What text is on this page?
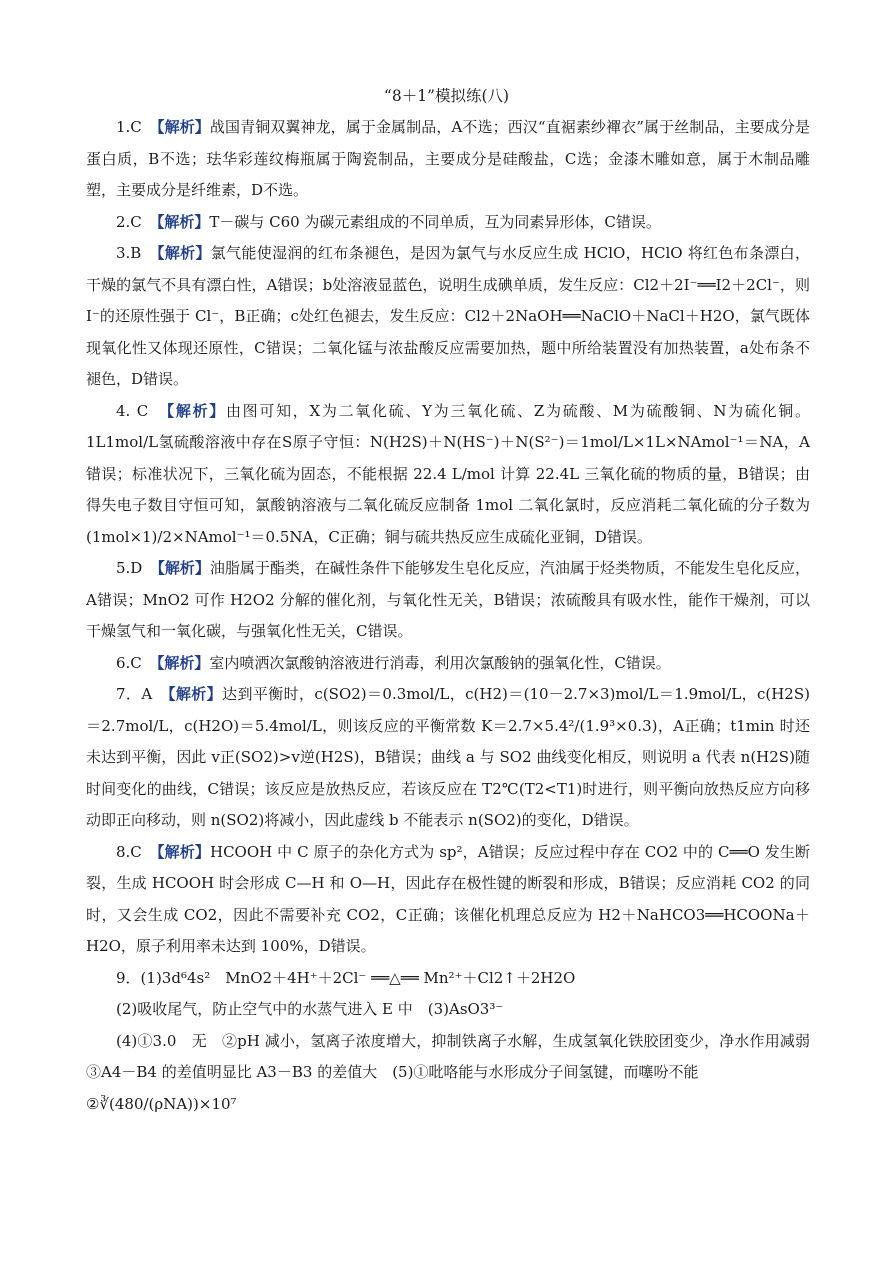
“8＋1”模拟练(八)

1.C　 【解析】战国青铜双翼神龙，属于金属制品，A不选；西汉“直裾素纱襌衣”属于丝制品，主要成分是蛋白质，B不选；珐华彩莲纹梅瓶属于陶瓷制品，主要成分是硅酸盐，C选；金漆木雕如意，属于木制品雕塑，主要成分是纤维素，D不选。

2.C　 【解析】T－碳与 C60 为碳元素组成的不同单质，互为同素异形体，C错误。

3.B　 【解析】氯气能使湿润的红布条褪色，是因为氯气与水反应生成 HClO，HClO 将红色布条漂白，干燥的氯气不具有漂白性，A错误；b处溶液显蓝色，说明生成碘单质，发生反应：Cl2＋2I⁻══I2＋2Cl⁻，则I⁻的还原性强于 Cl⁻，B正确；c处红色褪去，发生反应：Cl2＋2NaOH══NaClO＋NaCl＋H2O，氯气既体现氧化性又体现还原性，C错误；二氧化锰与浓盐酸反应需要加热，题中所给装置没有加热装置，a处布条不褪色，D错误。

4. C　 【解析】由图可知，X为二氧化硫、Y为三氧化硫、Z为硫酸、M为硫酸铜、N为硫化铜。1L1mol/L氢硫酸溶液中存在S原子守恒：N(H2S)＋N(HS⁻)＋N(S²⁻)＝1mol/L×1L×NAmol⁻¹＝NA，A错误；标准状况下，三氧化硫为固态，不能根据 22.4 L/mol 计算 22.4L 三氧化硫的物质的量，B错误；由得失电子数目守恒可知，氯酸钠溶液与二氧化硫反应制备 1mol 二氧化氯时，反应消耗二氧化硫的分子数为 (1mol×1)/2×NAmol⁻¹＝0.5NA，C正确；铜与硫共热反应生成硫化亚铜，D错误。

5.D　 【解析】油脂属于酯类，在碱性条件下能够发生皂化反应，汽油属于烃类物质，不能发生皂化反应，A错误；MnO2 可作 H2O2 分解的催化剂，与氧化性无关，B错误；浓硫酸具有吸水性，能作干燥剂，可以干燥氢气和一氧化碳，与强氧化性无关，C错误。

6.C　 【解析】室内喷洒次氯酸钠溶液进行消毒，利用次氯酸钠的强氧化性，C错误。

7．A　 【解析】达到平衡时，c(SO2)＝0.3mol/L，c(H2)＝(10－2.7×3)mol/L＝1.9mol/L，c(H2S)＝2.7mol/L，c(H2O)＝5.4mol/L，则该反应的平衡常数 K＝2.7×5.4²/(1.9³×0.3)，A正确；t1min 时还未达到平衡，因此 v正(SO2)>v逆(H2S)，B错误；曲线 a 与 SO2 曲线变化相反，则说明 a 代表 n(H2S)随时间变化的曲线，C错误；该反应是放热反应，若该反应在 T2℃(T2<T1)时进行，则平衡向放热反应方向移动即正向移动，则 n(SO2)将减小，因此虚线 b 不能表示 n(SO2)的变化，D错误。

8.C　 【解析】HCOOH 中 C 原子的杂化方式为 sp²，A错误；反应过程中存在 CO2 中的 C══O 发生断裂，生成 HCOOH 时会形成 C—H 和 O—H，因此存在极性键的断裂和形成，B错误；反应消耗 CO2 的同时，又会生成 CO2，因此不需要补充 CO2，C正确；该催化机理总反应为 H2＋NaHCO3══HCOONa＋H2O，原子利用率未达到 100%，D错误。

9．(1)3d⁶4s²　MnO2＋4H⁺＋2Cl⁻ ══△══ Mn²⁺＋Cl2↑＋2H2O

(2)吸收尾气，防止空气中的水蒸气进入 E 中　(3)AsO3³⁻

(4)①3.0　无　②pH 减小，氢离子浓度增大，抑制铁离子水解，生成氢氧化铁胶团变少，净水作用减弱　③A4－B4 的差值明显比 A3－B3 的差值大　(5)①吡咯能与水形成分子间氢键，而噻吩不能

②∛(480/(ρNA))×10⁷
